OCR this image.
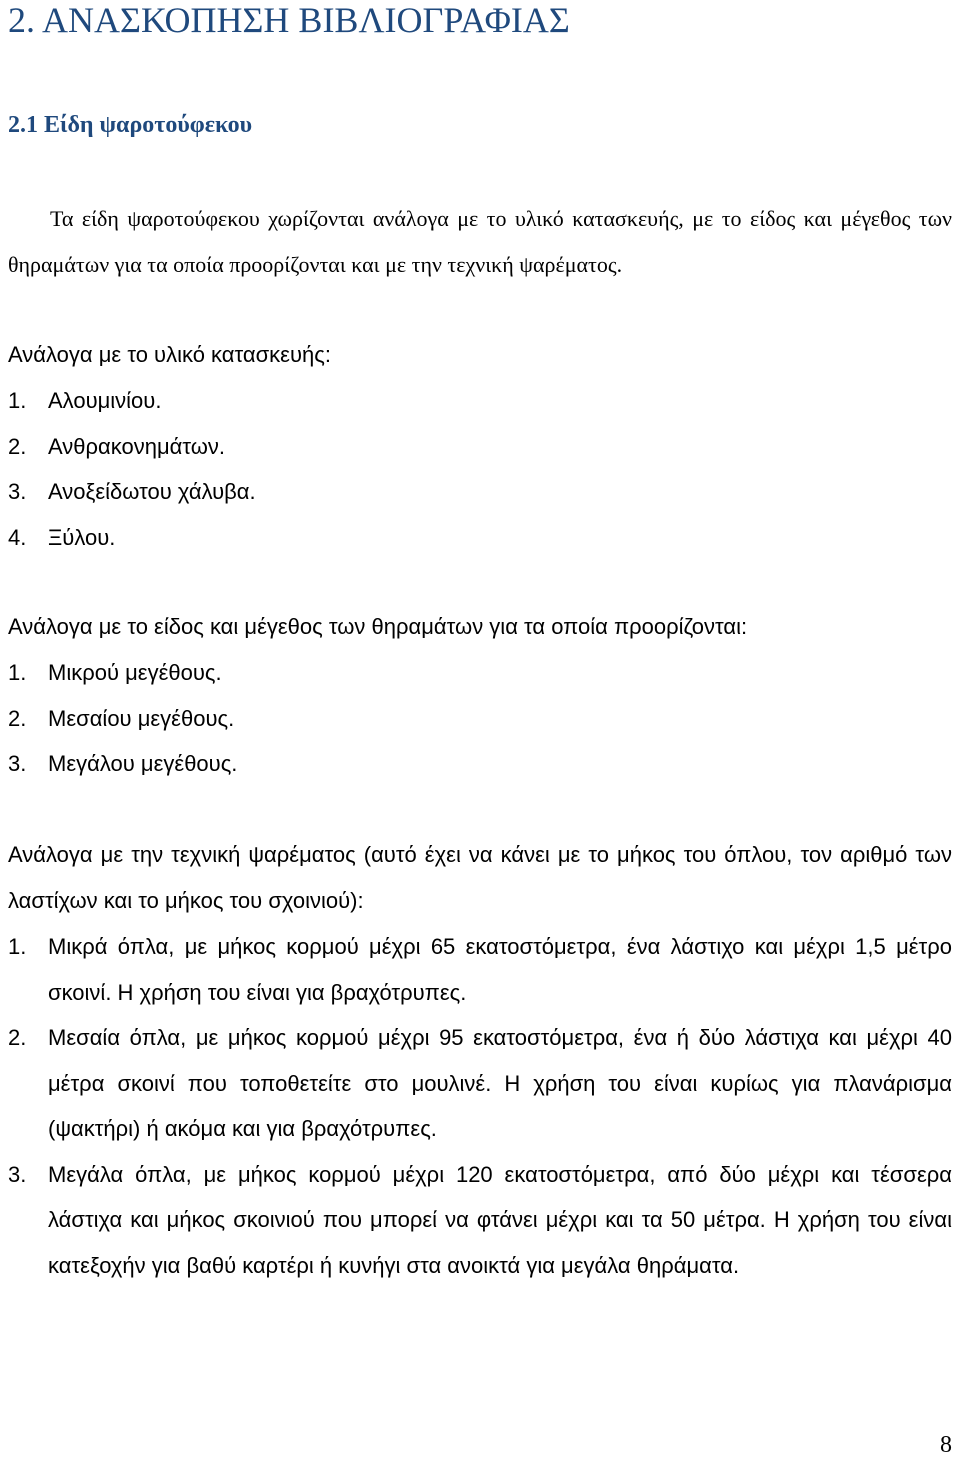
2. ΑΝΑΣΚΟΠΗΣΗ ΒΙΒΛΙΟΓΡΑΦΙΑΣ
2.1 Είδη ψαροτούφεκου

Τα είδη ψαροτούφεκου χωρίζονται ανάλογα με το υλικό κατασκευής, με το είδος και μέγεθος των θηραμάτων για τα οποία προορίζονται και με την τεχνική ψαρέματος.

Ανάλογα με το υλικό κατασκευής:

1. Αλουμινίου.
2. Ανθρακονημάτων.
3. Ανοξείδωτου χάλυβα.
4. Ξύλου.

Ανάλογα με το είδος και μέγεθος των θηραμάτων για τα οποία προορίζονται:

1. Μικρού μεγέθους.
2. Μεσαίου μεγέθους.
3. Μεγάλου μεγέθους.

Ανάλογα με την τεχνική ψαρέματος (αυτό έχει να κάνει με το μήκος του όπλου, τον αριθμό των λαστίχων και το μήκος του σχοινιού):

1. Μικρά όπλα, με μήκος κορμού μέχρι 65 εκατοστόμετρα, ένα λάστιχο και μέχρι 1,5 μέτρο σκοινί. Η χρήση του είναι για βραχότρυπες.
2. Μεσαία όπλα, με μήκος κορμού μέχρι 95 εκατοστόμετρα, ένα ή δύο λάστιχα και μέχρι 40 μέτρα σκοινί που τοποθετείτε στο μουλινέ. Η χρήση του είναι κυρίως για πλανάρισμα (ψακτήρι) ή ακόμα και για βραχότρυπες.
3. Μεγάλα όπλα, με μήκος κορμού μέχρι 120 εκατοστόμετρα, από δύο μέχρι και τέσσερα λάστιχα και μήκος σκοινιού που μπορεί να φτάνει μέχρι και τα 50 μέτρα. Η χρήση του είναι κατεξοχήν για βαθύ καρτέρι ή κυνήγι στα ανοικτά για μεγάλα θηράματα.
8
